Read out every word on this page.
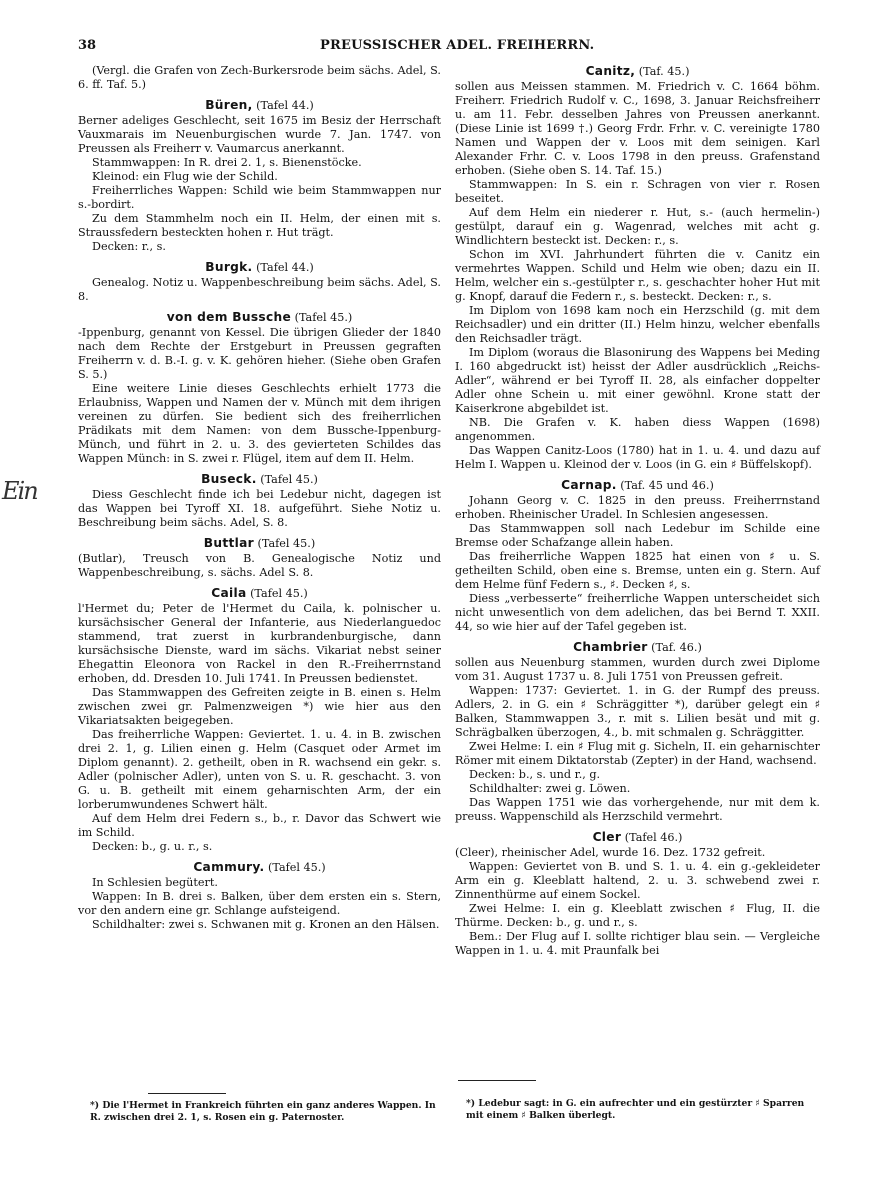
38	PREUSSISCHER ADEL. FREIHERRN.
Ein

(Vergl. die Grafen von Zech-Burkersrode beim sächs. Adel, S. 6. ff. Taf. 5.)

Büren, (Tafel 44.)

Berner adeliges Geschlecht, seit 1675 im Besiz der Herrschaft Vauxmarais im Neuenburgischen wurde 7. Jan. 1747. von Preussen als Freiherr v. Vaumarcus anerkannt.

Stammwappen: In R. drei 2. 1, s. Bienenstöcke.

Kleinod: ein Flug wie der Schild.

Freiherrliches Wappen: Schild wie beim Stammwappen nur s.-bordirt.

Zu dem Stammhelm noch ein II. Helm, der einen mit s. Straussfedern besteckten hohen r. Hut trägt.

Decken: r., s.

Burgk. (Tafel 44.)

Genealog. Notiz u. Wappenbeschreibung beim sächs. Adel, S. 8.

von dem Bussche (Tafel 45.)

-Ippenburg, genannt von Kessel. Die übrigen Glieder der 1840 nach dem Rechte der Erstgeburt in Preussen gegraften Freiherrn v. d. B.-I. g. v. K. gehören hieher. (Siehe oben Grafen S. 5.)

Eine weitere Linie dieses Geschlechts erhielt 1773 die Erlaubniss, Wappen und Namen der v. Münch mit dem ihrigen vereinen zu dürfen. Sie bedient sich des freiherrlichen Prädikats mit dem Namen: von dem Bussche-Ippenburg-Münch, und führt in 2. u. 3. des gevierteten Schildes das Wappen Münch: in S. zwei r. Flügel, item auf dem II. Helm.

Buseck. (Tafel 45.)

Diess Geschlecht finde ich bei Ledebur nicht, dagegen ist das Wappen bei Tyroff XI. 18. aufgeführt. Siehe Notiz u. Beschreibung beim sächs. Adel, S. 8.

Buttlar (Tafel 45.)

(Butlar), Treusch von B. Genealogische Notiz und Wappenbeschreibung, s. sächs. Adel S. 8.

Caila (Tafel 45.)

l'Hermet du; Peter de l'Hermet du Caila, k. polnischer u. kursächsischer General der Infanterie, aus Niederlanguedoc stammend, trat zuerst in kurbrandenburgische, dann kursächsische Dienste, ward im sächs. Vikariat nebst seiner Ehegattin Eleonora von Rackel in den R.-Freiherrnstand erhoben, dd. Dresden 10. Juli 1741. In Preussen bedienstet.

Das Stammwappen des Gefreiten zeigte in B. einen s. Helm zwischen zwei gr. Palmenzweigen *) wie hier aus den Vikariatsakten beigegeben.

Das freiherrliche Wappen: Geviertet. 1. u. 4. in B. zwischen drei 2. 1, g. Lilien einen g. Helm (Casquet oder Armet im Diplom genannt). 2. getheilt, oben in R. wachsend ein gekr. s. Adler (polnischer Adler), unten von S. u. R. geschacht. 3. von G. u. B. getheilt mit einem geharnischten Arm, der ein lorberumwundenes Schwert hält.

Auf dem Helm drei Federn s., b., r. Davor das Schwert wie im Schild.

Decken: b., g. u. r., s.

Cammury. (Tafel 45.)

In Schlesien begütert.

Wappen: In B. drei s. Balken, über dem ersten ein s. Stern, vor den andern eine gr. Schlange aufsteigend.

Schildhalter: zwei s. Schwanen mit g. Kronen an den Hälsen.

Canitz, (Taf. 45.)

sollen aus Meissen stammen. M. Friedrich v. C. 1664 böhm. Freiherr. Friedrich Rudolf v. C., 1698, 3. Januar Reichsfreiherr u. am 11. Febr. desselben Jahres von Preussen anerkannt. (Diese Linie ist 1699 †.) Georg Frdr. Frhr. v. C. vereinigte 1780 Namen und Wappen der v. Loos mit dem seinigen. Karl Alexander Frhr. C. v. Loos 1798 in den preuss. Grafenstand erhoben. (Siehe oben S. 14. Taf. 15.)

Stammwappen: In S. ein r. Schragen von vier r. Rosen beseitet.

Auf dem Helm ein niederer r. Hut, s.- (auch hermelin-) gestülpt, darauf ein g. Wagenrad, welches mit acht g. Windlichtern besteckt ist. Decken: r., s.

Schon im XVI. Jahrhundert führten die v. Canitz ein vermehrtes Wappen. Schild und Helm wie oben; dazu ein II. Helm, welcher ein s.-gestülpter r., s. geschachter hoher Hut mit g. Knopf, darauf die Federn r., s. besteckt. Decken: r., s.

Im Diplom von 1698 kam noch ein Herzschild (g. mit dem Reichsadler) und ein dritter (II.) Helm hinzu, welcher ebenfalls den Reichsadler trägt.

Im Diplom (woraus die Blasonirung des Wappens bei Meding I. 160 abgedruckt ist) heisst der Adler ausdrücklich „Reichs-Adler“, während er bei Tyroff II. 28, als einfacher doppelter Adler ohne Schein u. mit einer gewöhnl. Krone statt der Kaiserkrone abgebildet ist.

NB. Die Grafen v. K. haben diess Wappen (1698) angenommen.

Das Wappen Canitz-Loos (1780) hat in 1. u. 4. und dazu auf Helm I. Wappen u. Kleinod der v. Loos (in G. ein ♯ Büffelskopf).

Carnap. (Taf. 45 und 46.)

Johann Georg v. C. 1825 in den preuss. Freiherrnstand erhoben. Rheinischer Uradel. In Schlesien angesessen.

Das Stammwappen soll nach Ledebur im Schilde eine Bremse oder Schafzange allein haben.

Das freiherrliche Wappen 1825 hat einen von ♯ u. S. getheilten Schild, oben eine s. Bremse, unten ein g. Stern. Auf dem Helme fünf Federn s., ♯. Decken ♯, s.

Diess „verbesserte“ freiherrliche Wappen unterscheidet sich nicht unwesentlich von dem adelichen, das bei Bernd T. XXII. 44, so wie hier auf der Tafel gegeben ist.

Chambrier (Taf. 46.)

sollen aus Neuenburg stammen, wurden durch zwei Diplome vom 31. August 1737 u. 8. Juli 1751 von Preussen gefreit.

Wappen: 1737: Geviertet. 1. in G. der Rumpf des preuss. Adlers, 2. in G. ein ♯ Schräggitter *), darüber gelegt ein ♯ Balken, Stammwappen 3., r. mit s. Lilien besät und mit g. Schrägbalken überzogen, 4., b. mit schmalen g. Schräggitter.

Zwei Helme: I. ein ♯ Flug mit g. Sicheln, II. ein geharnischter Römer mit einem Diktatorstab (Zepter) in der Hand, wachsend.

Decken: b., s. und r., g.

Schildhalter: zwei g. Löwen.

Das Wappen 1751 wie das vorhergehende, nur mit dem k. preuss. Wappenschild als Herzschild vermehrt.

Cler (Tafel 46.)

(Cleer), rheinischer Adel, wurde 16. Dez. 1732 gefreit.

Wappen: Geviertet von B. und S. 1. u. 4. ein g.-gekleideter Arm ein g. Kleeblatt haltend, 2. u. 3. schwebend zwei r. Zinnenthürme auf einem Sockel.

Zwei Helme: I. ein g. Kleeblatt zwischen ♯ Flug, II. die Thürme. Decken: b., g. und r., s.

Bem.: Der Flug auf I. sollte richtiger blau sein. — Vergleiche Wappen in 1. u. 4. mit Praunfalk bei

*) Die l'Hermet in Frankreich führten ein ganz anderes Wappen. In R. zwischen drei 2. 1, s. Rosen ein g. Paternoster.
*) Ledebur sagt: in G. ein aufrechter und ein gestürzter ♯ Sparren mit einem ♯ Balken überlegt.
